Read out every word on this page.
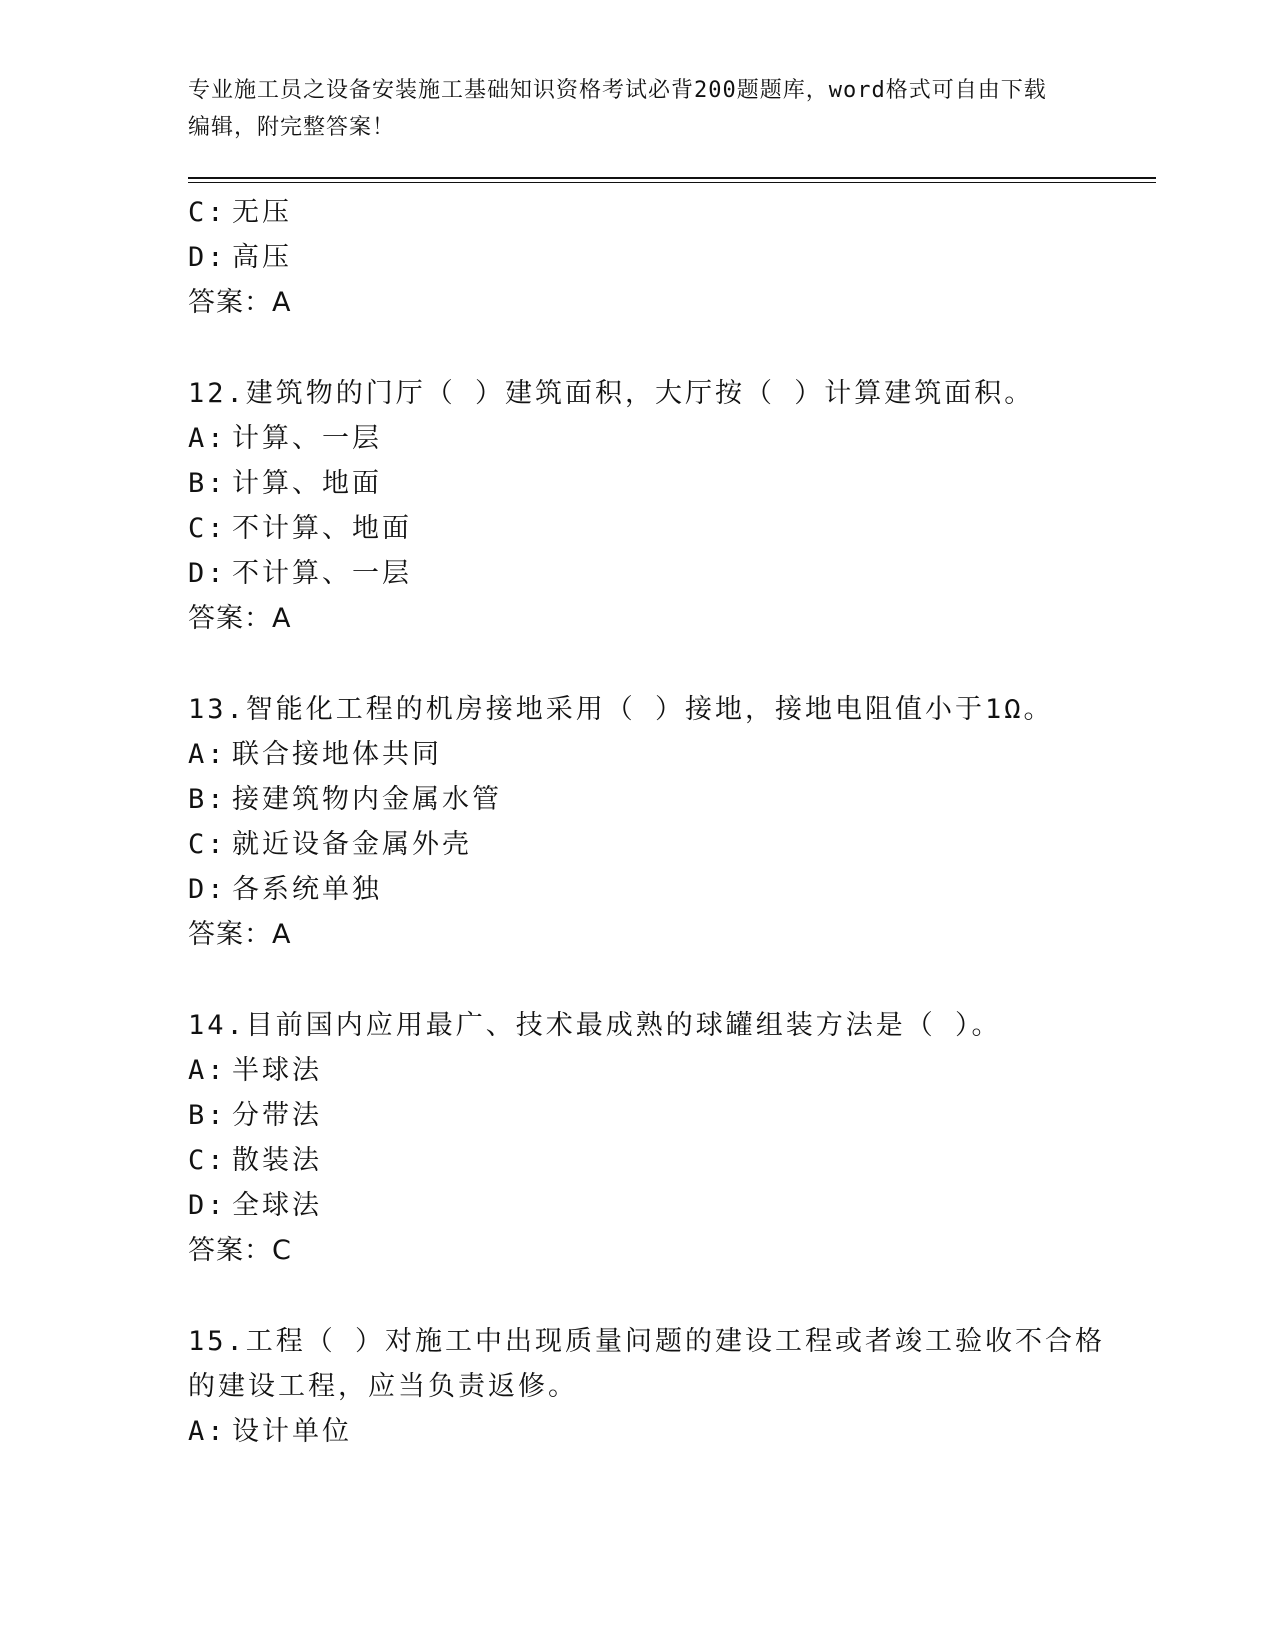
专业施工员之设备安装施工基础知识资格考试必背200题题库，word格式可自由下载编辑，附完整答案！
C: 无压
D: 高压
答案：A
12.建筑物的门厅（ ）建筑面积，大厅按（ ）计算建筑面积。
A: 计算、一层
B: 计算、地面
C: 不计算、地面
D: 不计算、一层
答案：A
13.智能化工程的机房接地采用（ ）接地，接地电阻值小于1Ω。
A: 联合接地体共同
B: 接建筑物内金属水管
C: 就近设备金属外壳
D: 各系统单独
答案：A
14.目前国内应用最广、技术最成熟的球罐组装方法是（ ）。
A: 半球法
B: 分带法
C: 散装法
D: 全球法
答案：C
15.工程（ ）对施工中出现质量问题的建设工程或者竣工验收不合格
的建设工程，应当负责返修。
A: 设计单位
